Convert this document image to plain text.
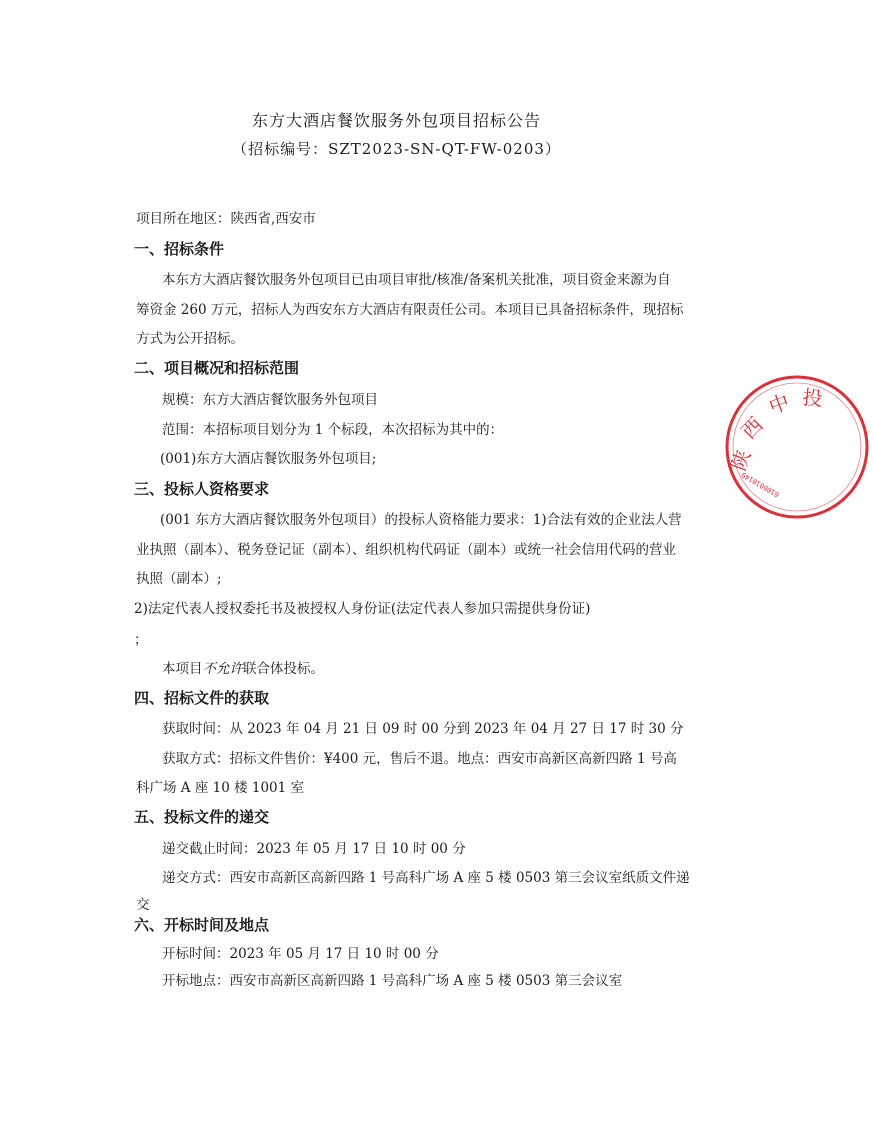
东方大酒店餐饮服务外包项目招标公告
（招标编号：SZT2023-SN-QT-FW-0203）
项目所在地区：陕西省,西安市
一、招标条件
本东方大酒店餐饮服务外包项目已由项目审批/核准/备案机关批准，项目资金来源为自
筹资金 260 万元，招标人为西安东方大酒店有限责任公司。本项目已具备招标条件，现招标
方式为公开招标。
二、项目概况和招标范围
规模：东方大酒店餐饮服务外包项目
范围：本招标项目划分为 1 个标段，本次招标为其中的：
(001)东方大酒店餐饮服务外包项目;
三、投标人资格要求
(001 东方大酒店餐饮服务外包项目）的投标人资格能力要求：1)合法有效的企业法人营
业执照（副本）、税务登记证（副本）、组织机构代码证（副本）或统一社会信用代码的营业
执照（副本）;
2)法定代表人授权委托书及被授权人身份证(法定代表人参加只需提供身份证)
；
本项目不允许联合体投标。
四、招标文件的获取
获取时间：从 2023 年 04 月 21 日 09 时 00 分到 2023 年 04 月 27 日 17 时 30 分
获取方式：招标文件售价：¥400 元，售后不退。地点：西安市高新区高新四路 1 号高
科广场 A 座 10 楼 1001 室
五、投标文件的递交
递交截止时间：2023 年 05 月 17 日 10 时 00 分
递交方式：西安市高新区高新四路 1 号高科广场 A 座 5 楼 0503 第三会议室纸质文件递
交
六、开标时间及地点
开标时间：2023 年 05 月 17 日 10 时 00 分
开标地点：西安市高新区高新四路 1 号高科广场 A 座 5 楼 0503 第三会议室
陕
西
中 投
6100010149
